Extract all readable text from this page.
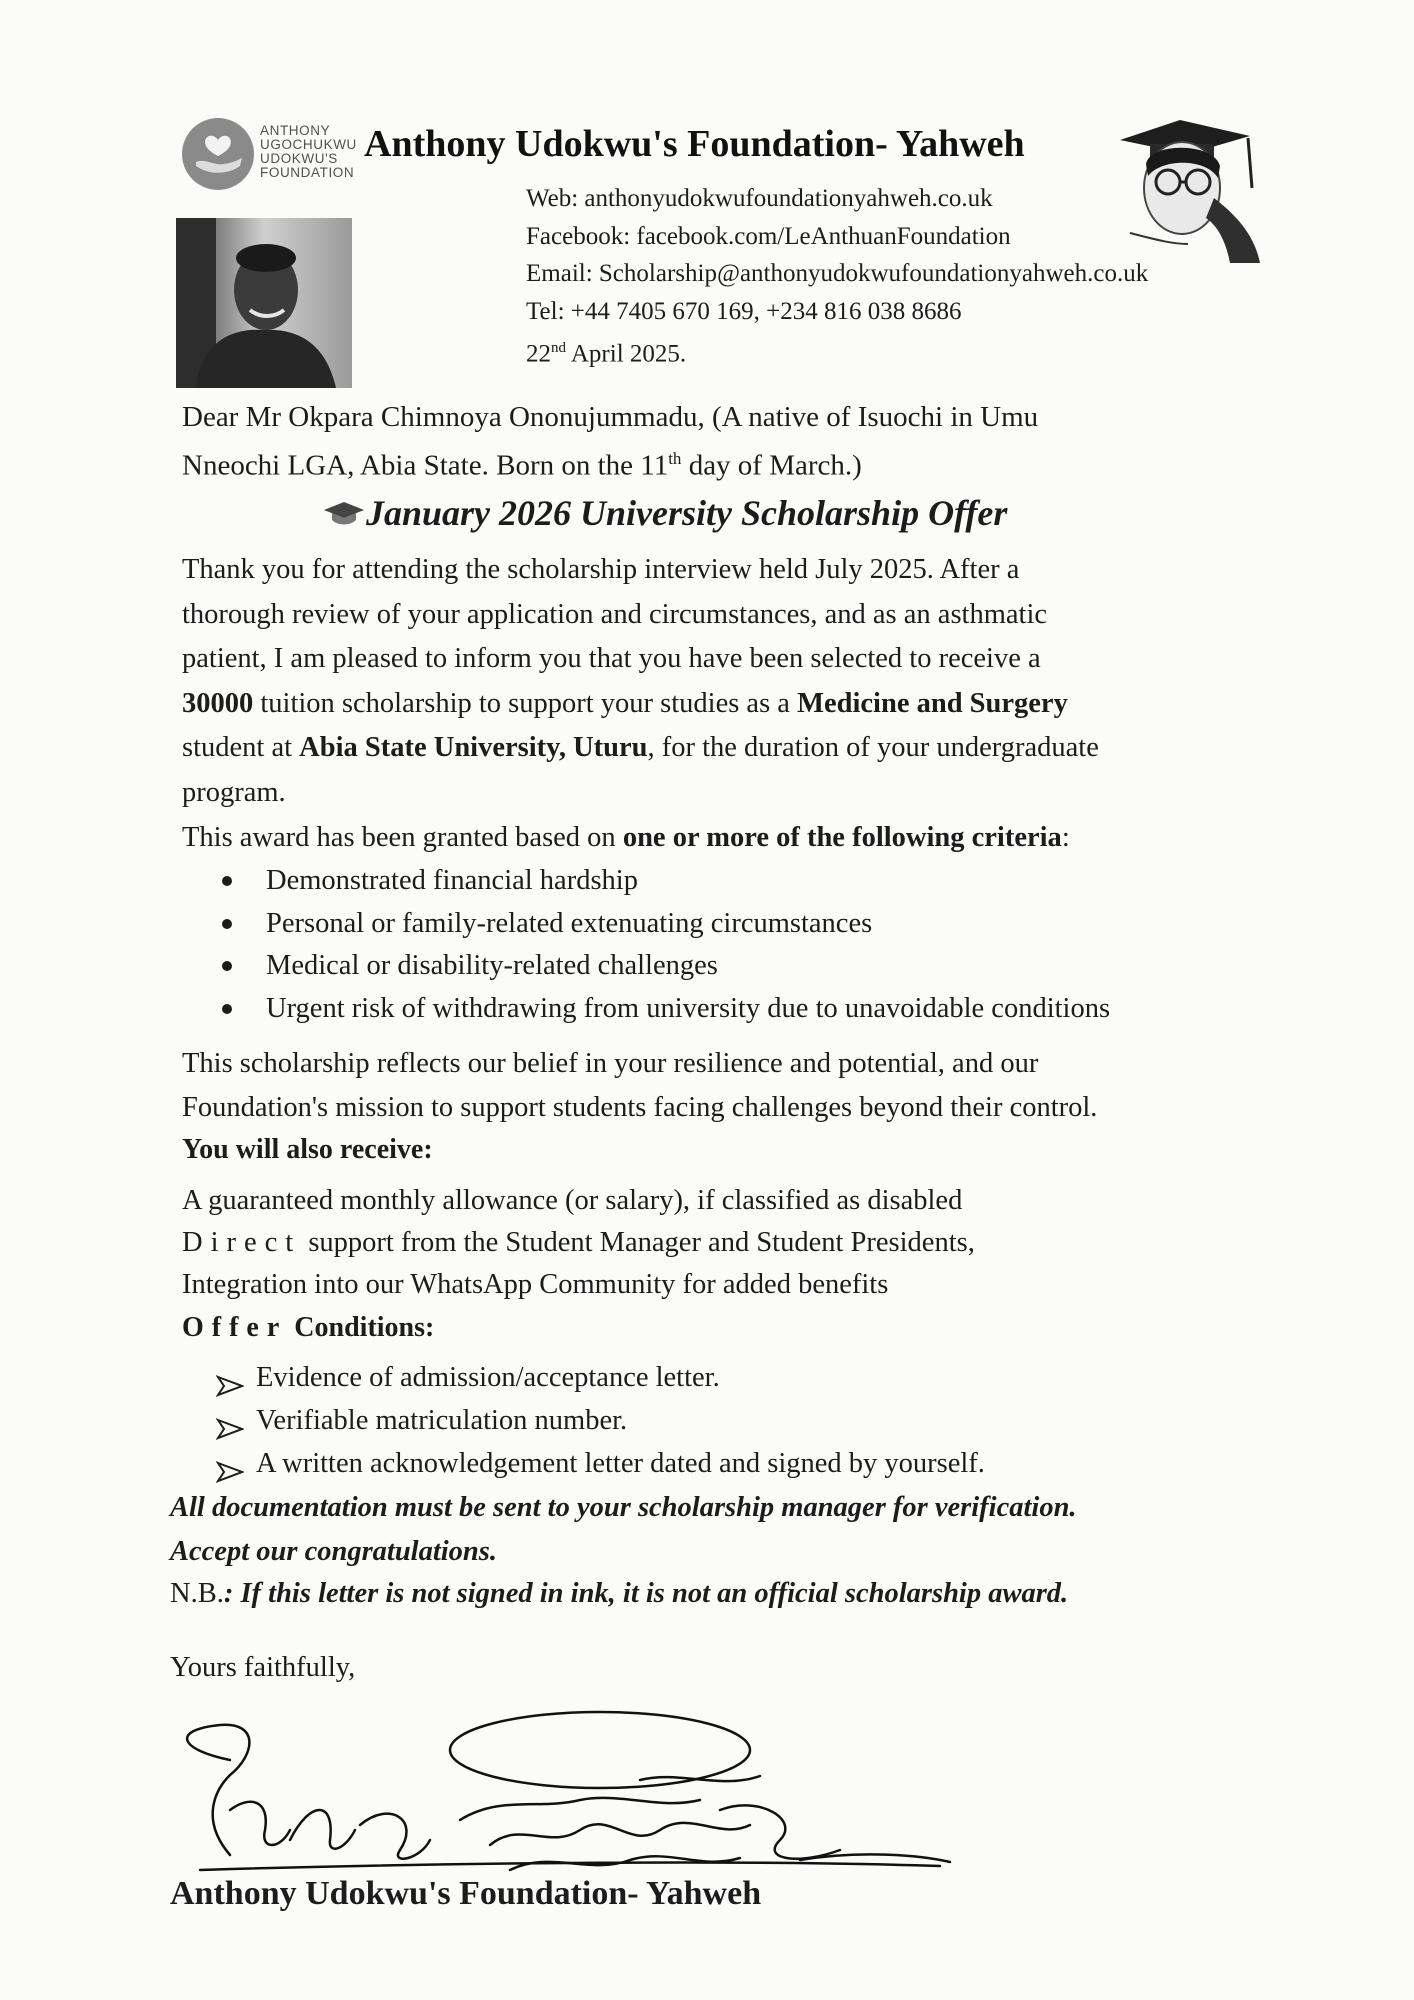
ANTHONY
UGOCHUKWU
UDOKWU'S
FOUNDATION
Anthony Udokwu's Foundation- Yahweh
Web: anthonyudokwufoundationyahweh.co.uk
Facebook: facebook.com/LeAnthuanFoundation
Email: Scholarship@anthonyudokwufoundationyahweh.co.uk
Tel: +44 7405 670 169, +234 816 038 8686
22nd April 2025.
Dear Mr Okpara Chimnoya Ononujummadu, (A native of Isuochi in Umu
Nneochi LGA, Abia State. Born on the 11th day of March.)
January 2026 University Scholarship Offer
Thank you for attending the scholarship interview held July 2025. After a
thorough review of your application and circumstances, and as an asthmatic
patient, I am pleased to inform you that you have been selected to receive a
30000 tuition scholarship to support your studies as a Medicine and Surgery
student at Abia State University, Uturu, for the duration of your undergraduate
program.
This award has been granted based on one or more of the following criteria:
Demonstrated financial hardship
Personal or family-related extenuating circumstances
Medical or disability-related challenges
Urgent risk of withdrawing from university due to unavoidable conditions
This scholarship reflects our belief in your resilience and potential, and our
Foundation's mission to support students facing challenges beyond their control.
You will also receive:
A guaranteed monthly allowance (or salary), if classified as disabled
Direct support from the Student Manager and Student Presidents,
Integration into our WhatsApp Community for added benefits
Offer Conditions:
Evidence of admission/acceptance letter.
Verifiable matriculation number.
A written acknowledgement letter dated and signed by yourself.
All documentation must be sent to your scholarship manager for verification.
Accept our congratulations.
N.B.: If this letter is not signed in ink, it is not an official scholarship award.
Yours faithfully,
Anthony Udokwu's Foundation- Yahweh
